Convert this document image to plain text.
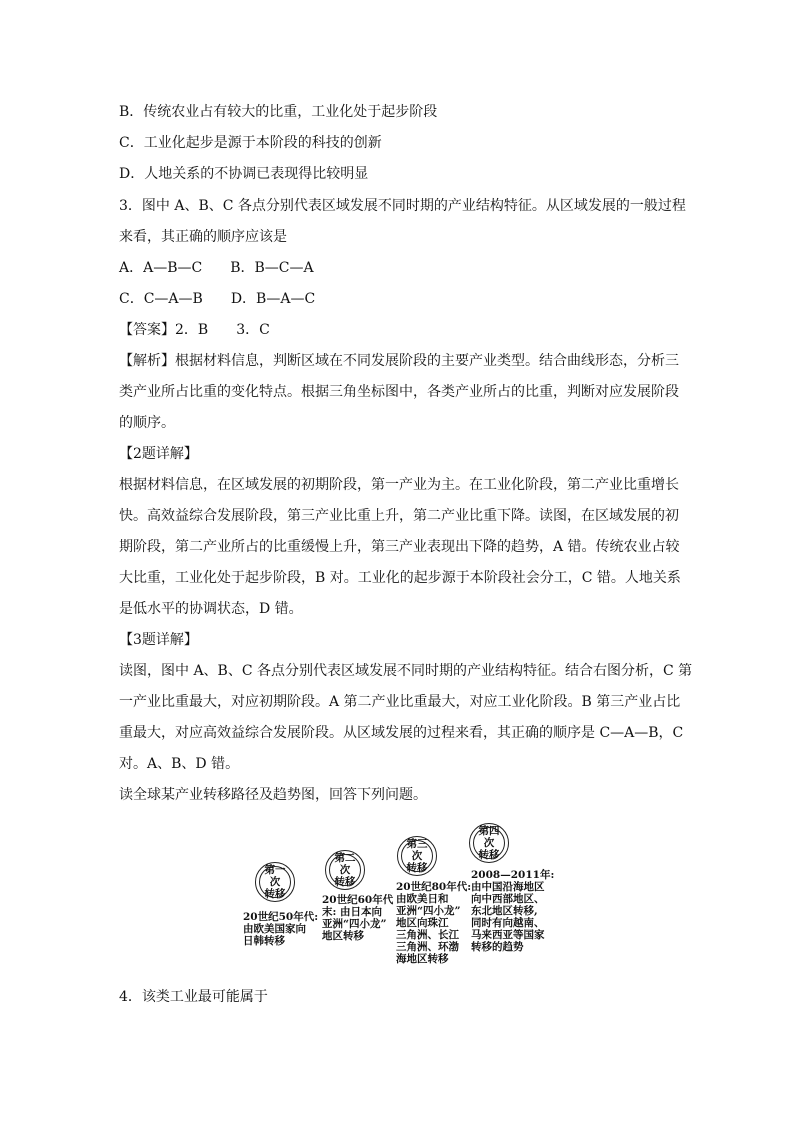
B．传统农业占有较大的比重，工业化处于起步阶段
C．工业化起步是源于本阶段的科技的创新
D．人地关系的不协调已表现得比较明显
3．图中 A、B、C 各点分别代表区域发展不同时期的产业结构特征。从区域发展的一般过程
来看，其正确的顺序应该是
A．A—B—C　　B．B—C—A
C．C—A—B　　D．B—A—C
【答案】2．B　　3．C
【解析】根据材料信息，判断区域在不同发展阶段的主要产业类型。结合曲线形态，分析三
类产业所占比重的变化特点。根据三角坐标图中，各类产业所占的比重，判断对应发展阶段
的顺序。
【2题详解】
根据材料信息，在区域发展的初期阶段，第一产业为主。在工业化阶段，第二产业比重增长
快。高效益综合发展阶段，第三产业比重上升，第二产业比重下降。读图，在区域发展的初
期阶段，第二产业所占的比重缓慢上升，第三产业表现出下降的趋势，A 错。传统农业占较
大比重，工业化处于起步阶段，B 对。工业化的起步源于本阶段社会分工，C 错。人地关系
是低水平的协调状态，D 错。
【3题详解】
读图，图中 A、B、C 各点分别代表区域发展不同时期的产业结构特征。结合右图分析，C 第
一产业比重最大，对应初期阶段。A 第二产业比重最大，对应工业化阶段。B 第三产业占比
重最大，对应高效益综合发展阶段。从区域发展的过程来看，其正确的顺序是 C—A—B，C
对。A、B、D 错。
读全球某产业转移路径及趋势图，回答下列问题。
4．该类工业最可能属于
第一次
转移
20世纪50年代:
由欧美国家向
日韩转移
第二次
转移
20世纪60年代
末: 由日本向
亚洲“四小龙”
地区转移
第三次
转移
20世纪80年代:
由欧美日和
亚洲“四小龙”
地区向珠江
三角洲、长江
三角洲、环渤
海地区转移
第四次
转移
2008—2011年:
由中国沿海地区
向中西部地区、
东北地区转移,
同时有向越南、
马来西亚等国家
转移的趋势
